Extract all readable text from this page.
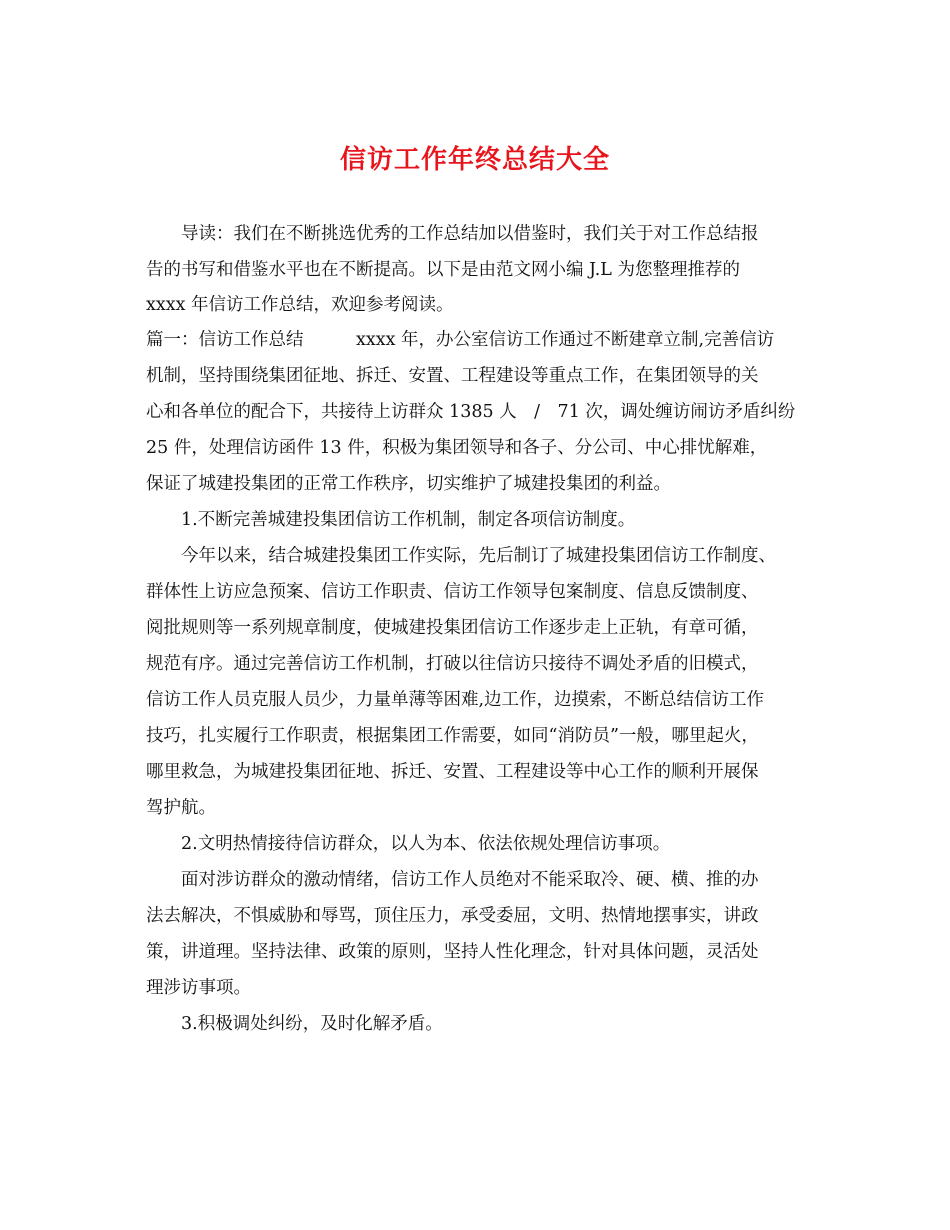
信访工作年终总结大全
导读：我们在不断挑选优秀的工作总结加以借鉴时，我们关于对工作总结报
告的书写和借鉴水平也在不断提高。以下是由范文网小编 J.L 为您整理推荐的
xxxx 年信访工作总结，欢迎参考阅读。
篇一：信访工作总结　　　xxxx 年，办公室信访工作通过不断建章立制,完善信访
机制，坚持围绕集团征地、拆迁、安置、工程建设等重点工作，在集团领导的关
心和各单位的配合下，共接待上访群众 1385 人　/　71 次，调处缠访闹访矛盾纠纷
25 件，处理信访函件 13 件，积极为集团领导和各子、分公司、中心排忧解难，
保证了城建投集团的正常工作秩序，切实维护了城建投集团的利益。
1.不断完善城建投集团信访工作机制，制定各项信访制度。
今年以来，结合城建投集团工作实际，先后制订了城建投集团信访工作制度、
群体性上访应急预案、信访工作职责、信访工作领导包案制度、信息反馈制度、
阅批规则等一系列规章制度，使城建投集团信访工作逐步走上正轨，有章可循，
规范有序。通过完善信访工作机制，打破以往信访只接待不调处矛盾的旧模式，
信访工作人员克服人员少，力量单薄等困难,边工作，边摸索，不断总结信访工作
技巧，扎实履行工作职责，根据集团工作需要，如同“消防员”一般，哪里起火，
哪里救急，为城建投集团征地、拆迁、安置、工程建设等中心工作的顺利开展保
驾护航。
2.文明热情接待信访群众，以人为本、依法依规处理信访事项。
面对涉访群众的激动情绪，信访工作人员绝对不能采取冷、硬、横、推的办
法去解决，不惧威胁和辱骂，顶住压力，承受委屈，文明、热情地摆事实，讲政
策，讲道理。坚持法律、政策的原则，坚持人性化理念，针对具体问题，灵活处
理涉访事项。
3.积极调处纠纷，及时化解矛盾。
